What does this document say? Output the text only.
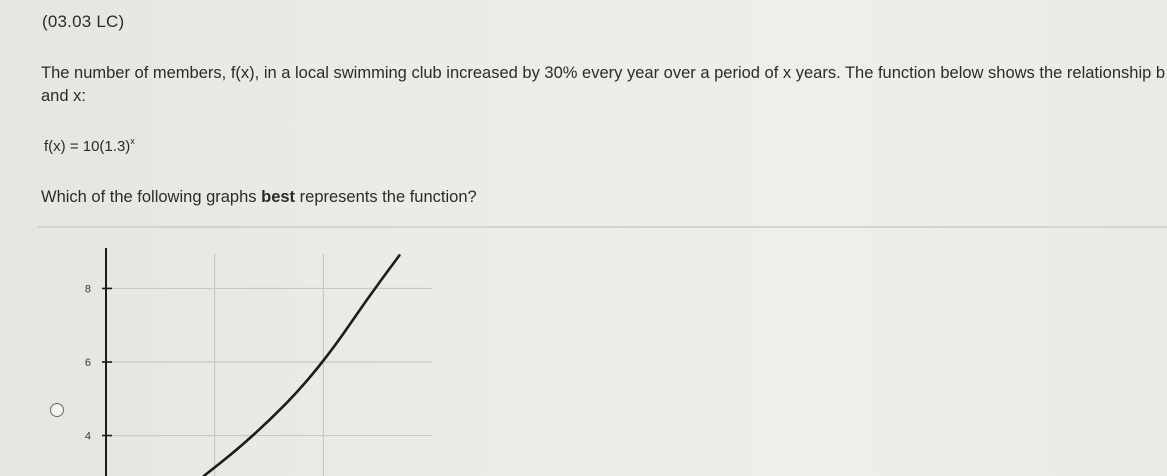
(03.03 LC)
The number of members, f(x), in a local swimming club increased by 30% every year over a period of x years. The function below shows the relationship b
and x:
$f(x) = 10(1.3)^x$
Which of the following graphs best represents the function?
8
6
4
